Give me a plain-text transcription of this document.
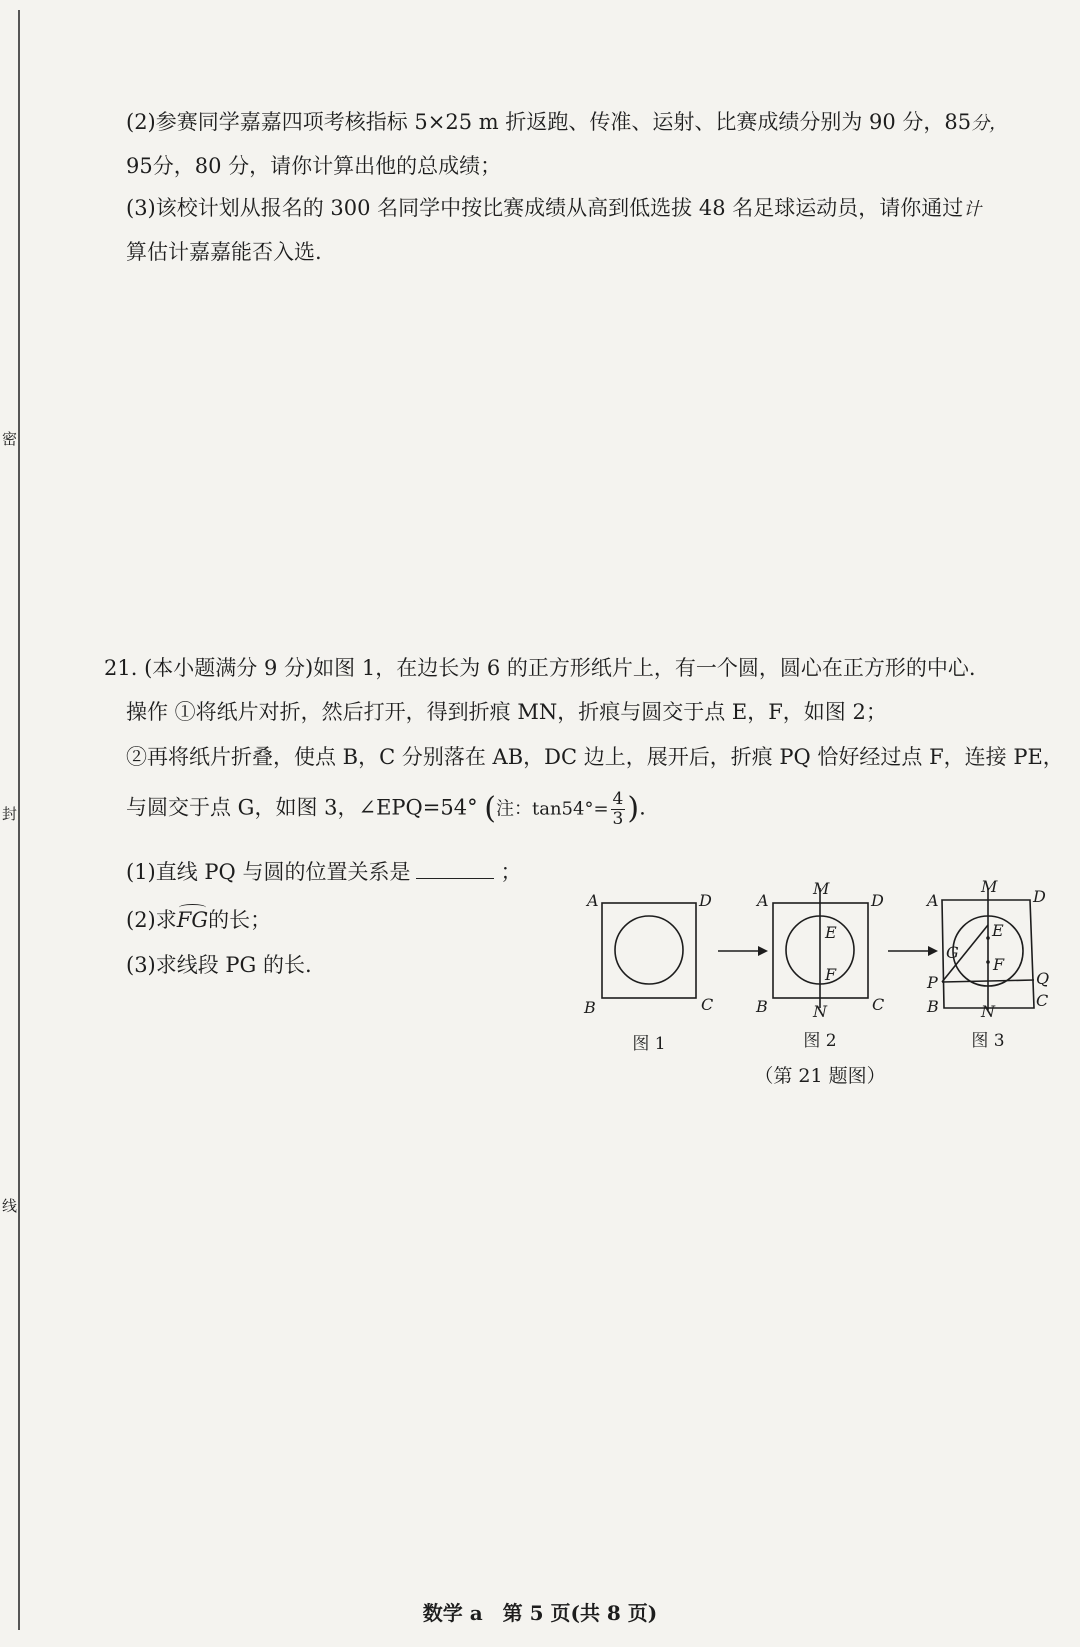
密
封
线
(2)参赛同学嘉嘉四项考核指标 5×25 m 折返跑、传准、运射、比赛成绩分别为 90 分，85分，
95分，80 分，请你计算出他的总成绩；
(3)该校计划从报名的 300 名同学中按比赛成绩从高到低选拔 48 名足球运动员，请你通过计
算估计嘉嘉能否入选.
21. (本小题满分 9 分)如图 1，在边长为 6 的正方形纸片上，有一个圆，圆心在正方形的中心.
操作 ①将纸片对折，然后打开，得到折痕 MN，折痕与圆交于点 E，F，如图 2；
②再将纸片折叠，使点 B，C 分别落在 AB，DC 边上，展开后，折痕 PQ 恰好经过点 F，连接 PE，
与圆交于点 G，如图 3，∠EPQ=54° (注：$\tan 54^\circ= \frac{4}{3}$ ).
(1)直线 PQ 与圆的位置关系是	；
(2)求FG的长；
(3)求线段 PG 的长.
A	D
B	C
A	D
B	C
M
N
E
F
A	D
B	C
M
N
E
F
G
P	Q
图 1	图 2	图 3
（第 21 题图）
数学 a　第 5 页(共 8 页)
